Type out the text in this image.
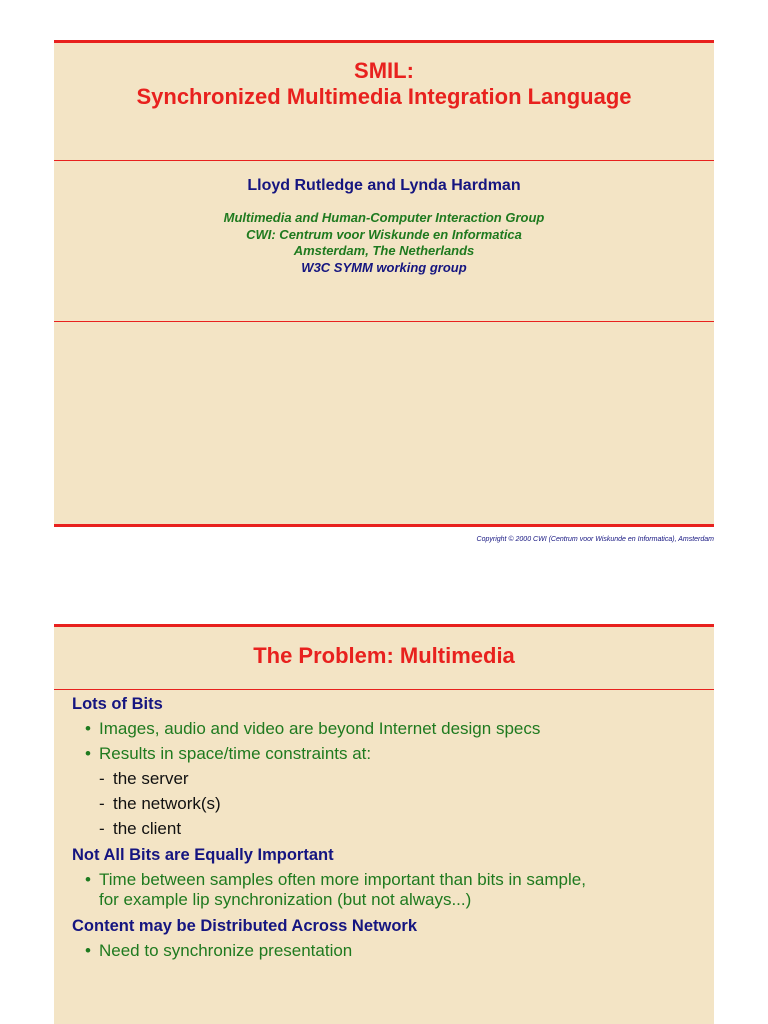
SMIL:
Synchronized Multimedia Integration Language
Lloyd Rutledge and Lynda Hardman
Multimedia and Human-Computer Interaction Group
CWI: Centrum voor Wiskunde en Informatica
Amsterdam, The Netherlands
W3C SYMM working group
Copyright © 2000 CWI (Centrum voor Wiskunde en Informatica), Amsterdam
The Problem: Multimedia
Lots of Bits
• Images, audio and video are beyond Internet design specs
• Results in space/time constraints at:
- the server
- the network(s)
- the client
Not All Bits are Equally Important
• Time between samples often more important than bits in sample,
for example lip synchronization (but not always...)
Content may be Distributed Across Network
• Need to synchronize presentation
